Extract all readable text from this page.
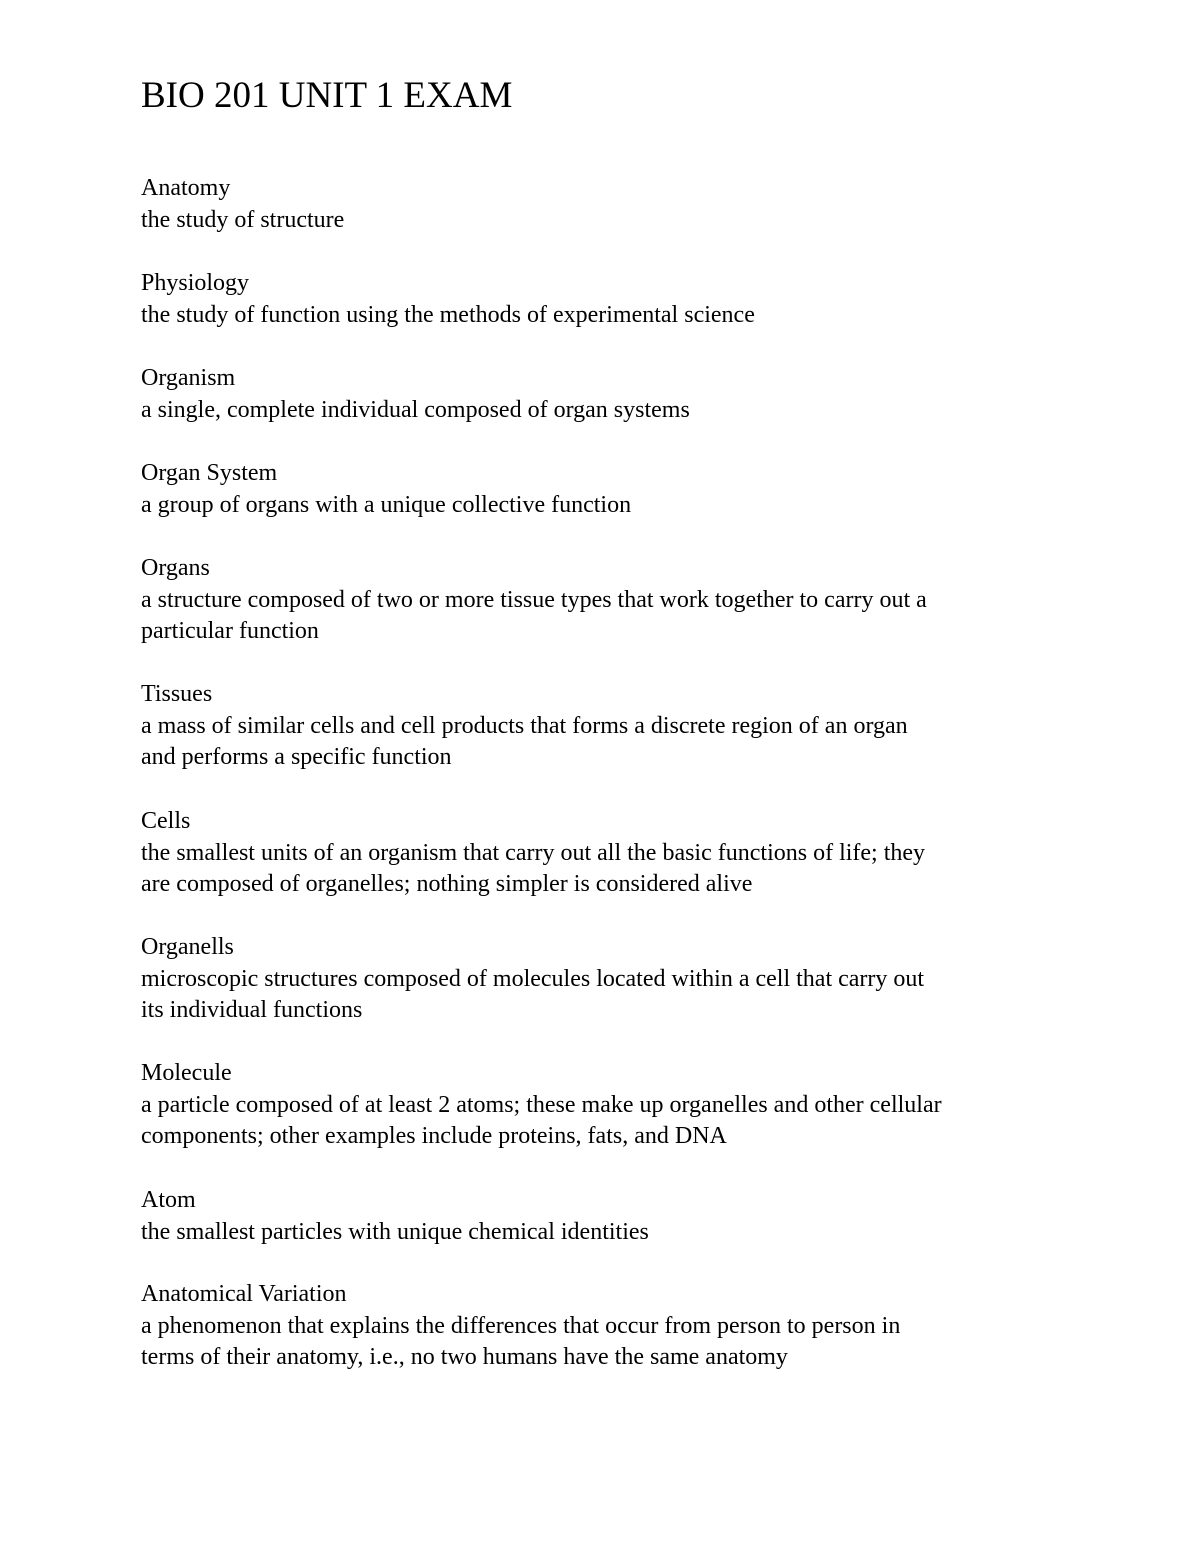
BIO 201 UNIT 1 EXAM
Anatomy
the study of structure
Physiology
the study of function using the methods of experimental science
Organism
a single, complete individual composed of organ systems
Organ System
a group of organs with a unique collective function
Organs
a structure composed of two or more tissue types that work together to carry out a
particular function
Tissues
a mass of similar cells and cell products that forms a discrete region of an organ
and performs a specific function
Cells
the smallest units of an organism that carry out all the basic functions of life; they
are composed of organelles; nothing simpler is considered alive
Organells
microscopic structures composed of molecules located within a cell that carry out
its individual functions
Molecule
a particle composed of at least 2 atoms; these make up organelles and other cellular
components; other examples include proteins, fats, and DNA
Atom
the smallest particles with unique chemical identities
Anatomical Variation
a phenomenon that explains the differences that occur from person to person in
terms of their anatomy, i.e., no two humans have the same anatomy
